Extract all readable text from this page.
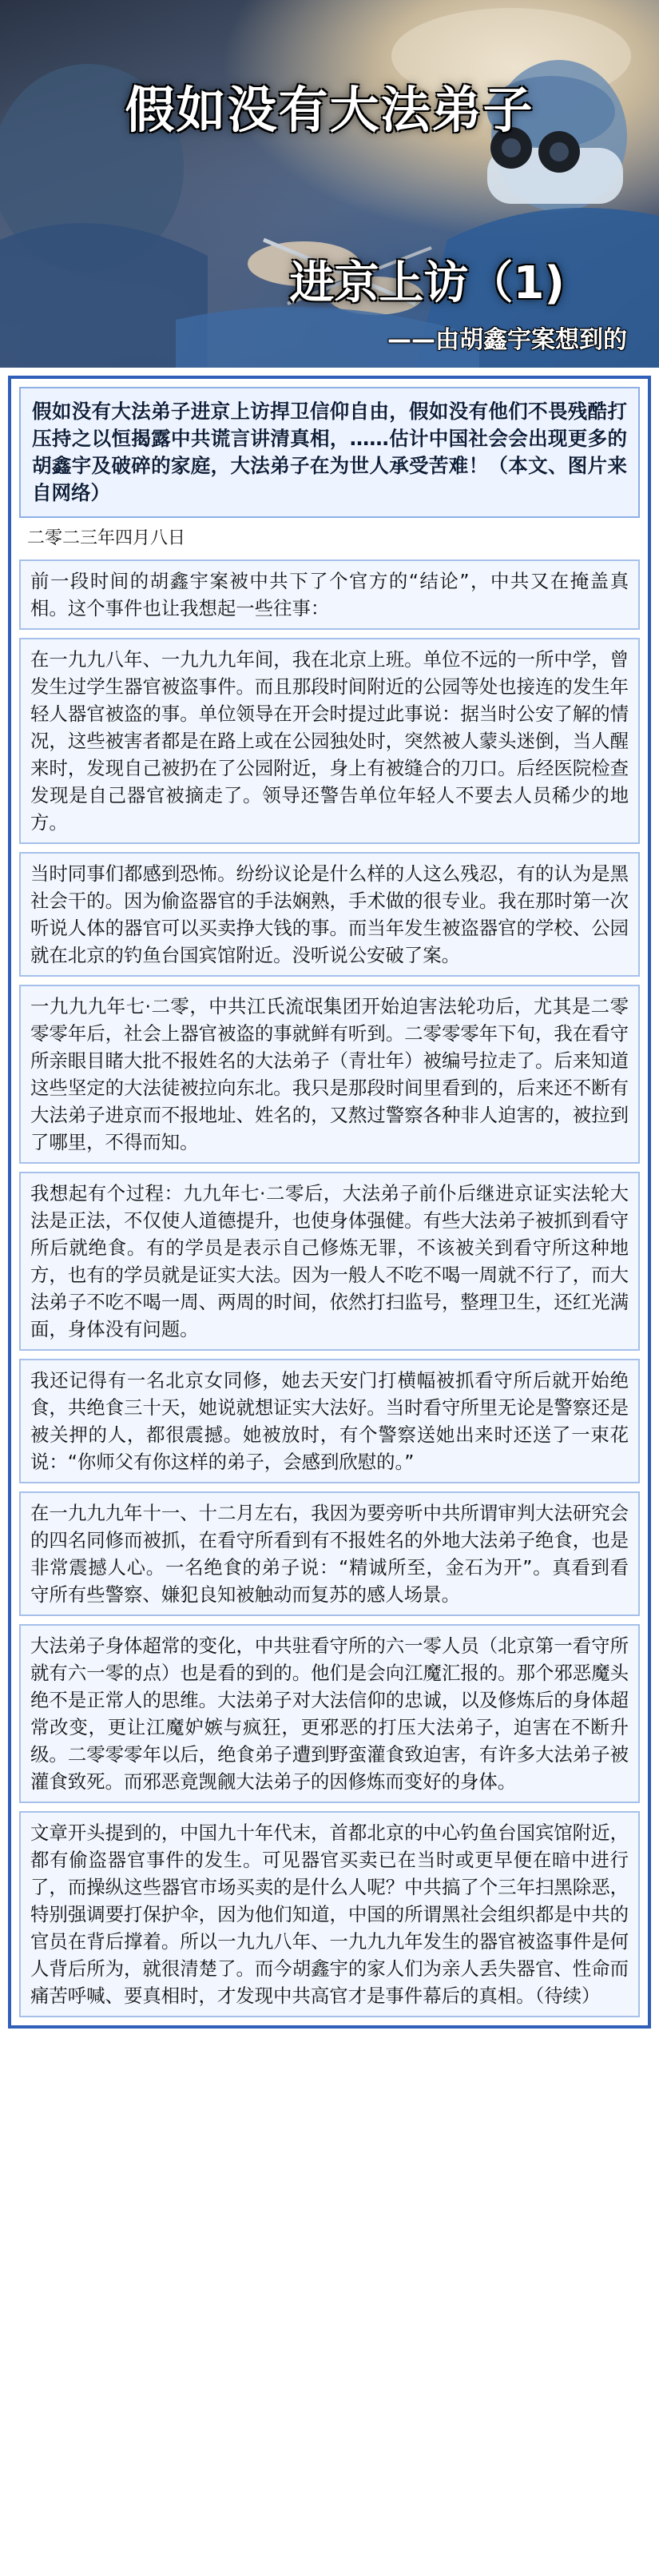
假如没有大法弟子
进京上访（1)
——由胡鑫宇案想到的
假如没有大法弟子进京上访捍卫信仰自由，假如没有他们不畏残酷打压持之以恒揭露中共谎言讲清真相，……估计中国社会会出现更多的胡鑫宇及破碎的家庭，大法弟子在为世人承受苦难！（本文、图片来自网络）
二零二三年四月八日
前一段时间的胡鑫宇案被中共下了个官方的“结论”，中共又在掩盖真相。这个事件也让我想起一些往事：
在一九九八年、一九九九年间，我在北京上班。单位不远的一所中学，曾发生过学生器官被盗事件。而且那段时间附近的公园等处也接连的发生年轻人器官被盗的事。单位领导在开会时提过此事说：据当时公安了解的情况，这些被害者都是在路上或在公园独处时，突然被人蒙头迷倒，当人醒来时，发现自己被扔在了公园附近，身上有被缝合的刀口。后经医院检查发现是自己器官被摘走了。领导还警告单位年轻人不要去人员稀少的地方。
当时同事们都感到恐怖。纷纷议论是什么样的人这么残忍，有的认为是黑社会干的。因为偷盗器官的手法娴熟，手术做的很专业。我在那时第一次听说人体的器官可以买卖挣大钱的事。而当年发生被盗器官的学校、公园就在北京的钓鱼台国宾馆附近。没听说公安破了案。
一九九九年七·二零，中共江氏流氓集团开始迫害法轮功后，尤其是二零零零年后，社会上器官被盗的事就鲜有听到。二零零零年下旬，我在看守所亲眼目睹大批不报姓名的大法弟子（青壮年）被编号拉走了。后来知道这些坚定的大法徒被拉向东北。我只是那段时间里看到的，后来还不断有大法弟子进京而不报地址、姓名的，又熬过警察各种非人迫害的，被拉到了哪里，不得而知。
我想起有个过程：九九年七·二零后，大法弟子前仆后继进京证实法轮大法是正法，不仅使人道德提升，也使身体强健。有些大法弟子被抓到看守所后就绝食。有的学员是表示自己修炼无罪，不该被关到看守所这种地方，也有的学员就是证实大法。因为一般人不吃不喝一周就不行了，而大法弟子不吃不喝一周、两周的时间，依然打扫监号，整理卫生，还红光满面，身体没有问题。
我还记得有一名北京女同修，她去天安门打横幅被抓看守所后就开始绝食，共绝食三十天，她说就想证实大法好。当时看守所里无论是警察还是被关押的人，都很震撼。她被放时，有个警察送她出来时还送了一束花说：“你师父有你这样的弟子，会感到欣慰的。”
在一九九九年十一、十二月左右，我因为要旁听中共所谓审判大法研究会的四名同修而被抓，在看守所看到有不报姓名的外地大法弟子绝食，也是非常震撼人心。一名绝食的弟子说：“精诚所至，金石为开”。真看到看守所有些警察、嫌犯良知被触动而复苏的感人场景。
大法弟子身体超常的变化，中共驻看守所的六一零人员（北京第一看守所就有六一零的点）也是看的到的。他们是会向江魔汇报的。那个邪恶魔头绝不是正常人的思维。大法弟子对大法信仰的忠诚，以及修炼后的身体超常改变，更让江魔妒嫉与疯狂，更邪恶的打压大法弟子，迫害在不断升级。二零零零年以后，绝食弟子遭到野蛮灌食致迫害，有许多大法弟子被灌食致死。而邪恶竟觊觎大法弟子的因修炼而变好的身体。
文章开头提到的，中国九十年代末，首都北京的中心钓鱼台国宾馆附近，都有偷盗器官事件的发生。可见器官买卖已在当时或更早便在暗中进行了，而操纵这些器官市场买卖的是什么人呢？中共搞了个三年扫黑除恶，特别强调要打保护伞，因为他们知道，中国的所谓黑社会组织都是中共的官员在背后撑着。所以一九九八年、一九九九年发生的器官被盗事件是何人背后所为，就很清楚了。而今胡鑫宇的家人们为亲人丢失器官、性命而痛苦呼喊、要真相时，才发现中共高官才是事件幕后的真相。（待续）
